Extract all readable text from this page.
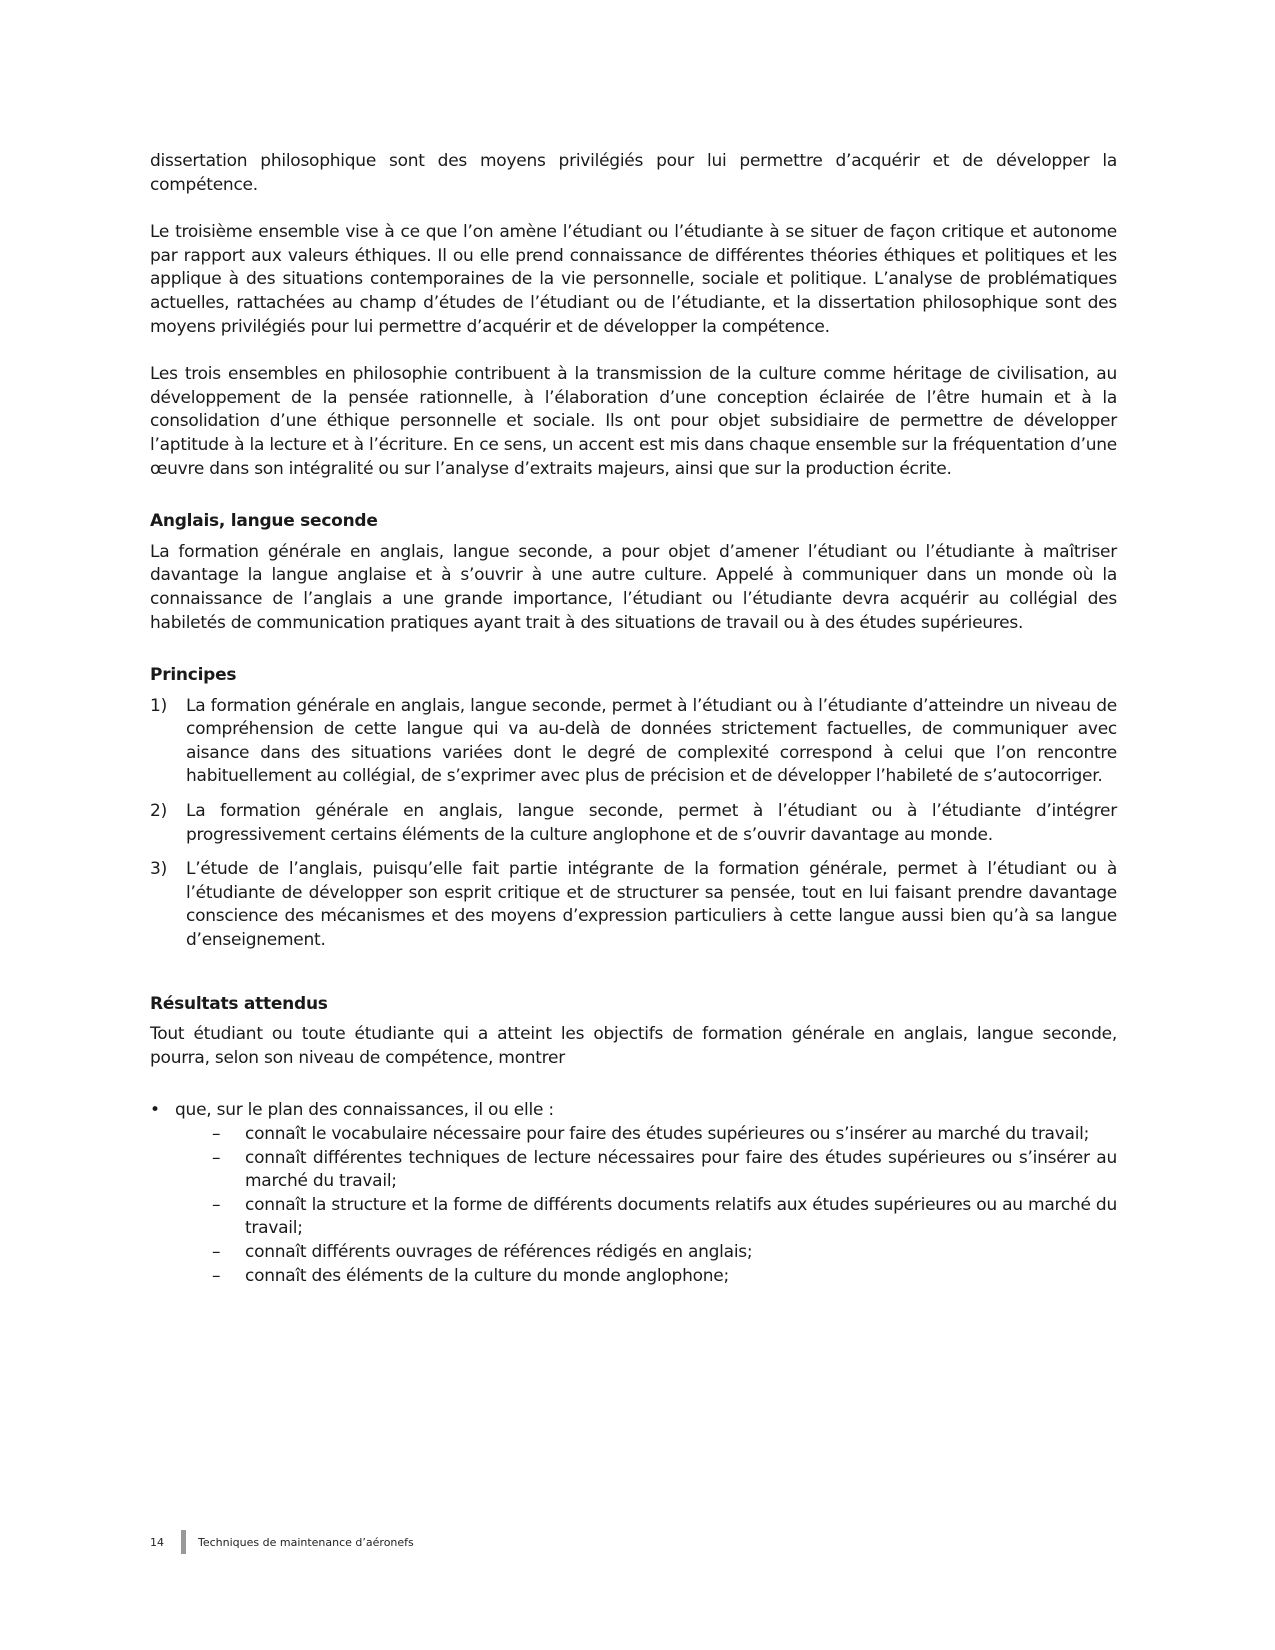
dissertation philosophique sont des moyens privilégiés pour lui permettre d’acquérir et de développer la compétence.

Le troisième ensemble vise à ce que l’on amène l’étudiant ou l’étudiante à se situer de façon critique et autonome par rapport aux valeurs éthiques. Il ou elle prend connaissance de différentes théories éthiques et politiques et les applique à des situations contemporaines de la vie personnelle, sociale et politique. L’analyse de problématiques actuelles, rattachées au champ d’études de l’étudiant ou de l’étudiante, et la dissertation philosophique sont des moyens privilégiés pour lui permettre d’acquérir et de développer la compétence.

Les trois ensembles en philosophie contribuent à la transmission de la culture comme héritage de civilisation, au développement de la pensée rationnelle, à l’élaboration d’une conception éclairée de l’être humain et à la consolidation d’une éthique personnelle et sociale. Ils ont pour objet subsidiaire de permettre de développer l’aptitude à la lecture et à l’écriture. En ce sens, un accent est mis dans chaque ensemble sur la fréquentation d’une œuvre dans son intégralité ou sur l’analyse d’extraits majeurs, ainsi que sur la production écrite.

Anglais, langue seconde

La formation générale en anglais, langue seconde, a pour objet d’amener l’étudiant ou l’étudiante à maîtriser davantage la langue anglaise et à s’ouvrir à une autre culture. Appelé à communiquer dans un monde où la connaissance de l’anglais a une grande importance, l’étudiant ou l’étudiante devra acquérir au collégial des habiletés de communication pratiques ayant trait à des situations de travail ou à des études supérieures.

Principes
1) La formation générale en anglais, langue seconde, permet à l’étudiant ou à l’étudiante d’atteindre un niveau de compréhension de cette langue qui va au-delà de données strictement factuelles, de communiquer avec aisance dans des situations variées dont le degré de complexité correspond à celui que l’on rencontre habituellement au collégial, de s’exprimer avec plus de précision et de développer l’habileté de s’autocorriger.
2) La formation générale en anglais, langue seconde, permet à l’étudiant ou à l’étudiante d’intégrer progressivement certains éléments de la culture anglophone et de s’ouvrir davantage au monde.
3) L’étude de l’anglais, puisqu’elle fait partie intégrante de la formation générale, permet à l’étudiant ou à l’étudiante de développer son esprit critique et de structurer sa pensée, tout en lui faisant prendre davantage conscience des mécanismes et des moyens d’expression particuliers à cette langue aussi bien qu’à sa langue d’enseignement.
Résultats attendus

Tout étudiant ou toute étudiante qui a atteint les objectifs de formation générale en anglais, langue seconde, pourra, selon son niveau de compétence, montrer

• que, sur le plan des connaissances, il ou elle :
– connaît le vocabulaire nécessaire pour faire des études supérieures ou s’insérer au marché du travail;
– connaît différentes techniques de lecture nécessaires pour faire des études supérieures ou s’insérer au marché du travail;
– connaît la structure et la forme de différents documents relatifs aux études supérieures ou au marché du travail;
– connaît différents ouvrages de références rédigés en anglais;
– connaît des éléments de la culture du monde anglophone;
14	Techniques de maintenance d’aéronefs
